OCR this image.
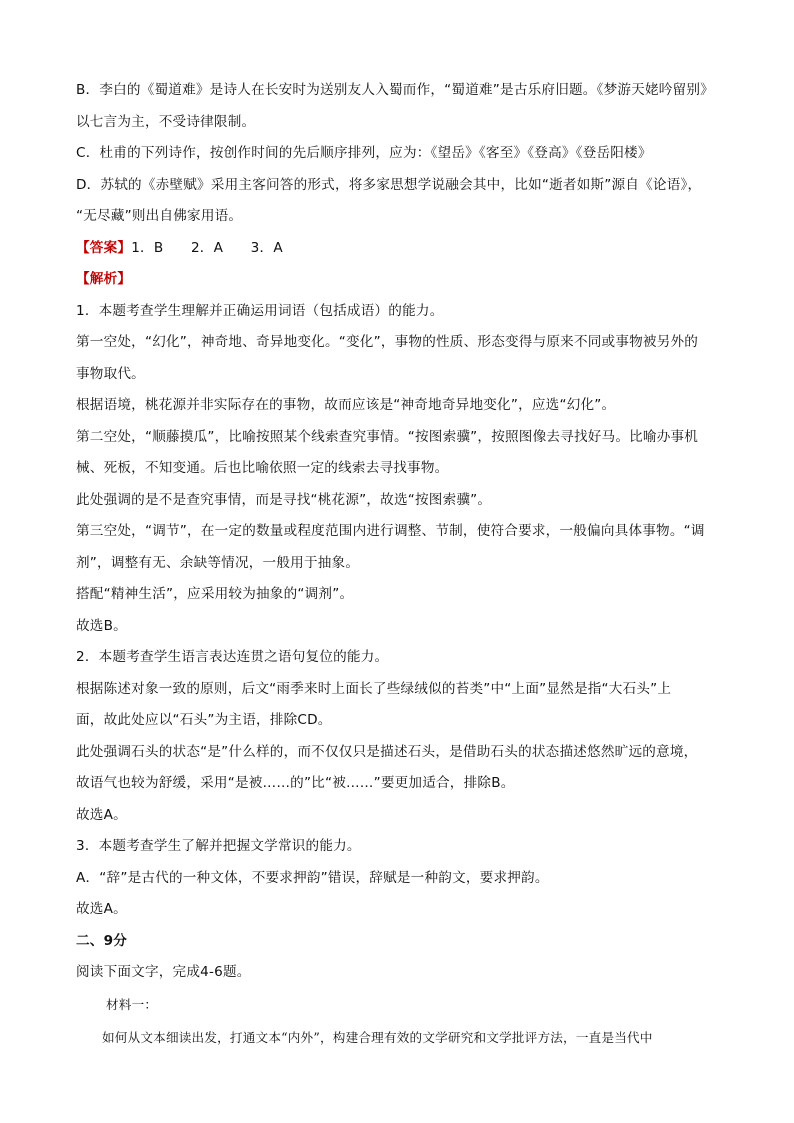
B．李白的《蜀道难》是诗人在长安时为送别友人入蜀而作，“蜀道难”是古乐府旧题。《梦游天姥吟留别》
以七言为主，不受诗律限制。
C．杜甫的下列诗作，按创作时间的先后顺序排列，应为：《望岳》《客至》《登高》《登岳阳楼》
D．苏轼的《赤壁赋》采用主客问答的形式，将多家思想学说融会其中，比如“逝者如斯”源自《论语》，
“无尽藏”则出自佛家用语。
【答案】1．B　　2．A　　3．A
【解析】
1．本题考查学生理解并正确运用词语（包括成语）的能力。
第一空处，“幻化”，神奇地、奇异地变化。“变化”，事物的性质、形态变得与原来不同或事物被另外的
事物取代。
根据语境，桃花源并非实际存在的事物，故而应该是“神奇地奇异地变化”，应选“幻化”。
第二空处，“顺藤摸瓜”，比喻按照某个线索查究事情。“按图索骥”，按照图像去寻找好马。比喻办事机
械、死板，不知变通。后也比喻依照一定的线索去寻找事物。
此处强调的是不是查究事情，而是寻找“桃花源”，故选“按图索骥”。
第三空处，“调节”，在一定的数量或程度范围内进行调整、节制，使符合要求，一般偏向具体事物。“调
剂”，调整有无、余缺等情况，一般用于抽象。
搭配“精神生活”，应采用较为抽象的“调剂”。
故选B。
2．本题考查学生语言表达连贯之语句复位的能力。
根据陈述对象一致的原则，后文“雨季来时上面长了些绿绒似的苔类”中“上面”显然是指“大石头”上
面，故此处应以“石头”为主语，排除CD。
此处强调石头的状态“是”什么样的，而不仅仅只是描述石头，是借助石头的状态描述悠然旷远的意境，
故语气也较为舒缓，采用“是被……的”比“被……”要更加适合，排除B。
故选A。
3．本题考查学生了解并把握文学常识的能力。
A．“辞”是古代的一种文体，不要求押韵”错误，辞赋是一种韵文，要求押韵。
故选A。
二、9分
阅读下面文字，完成4-6题。
材料一：
如何从文本细读出发，打通文本“内外”，构建合理有效的文学研究和文学批评方法，一直是当代中
